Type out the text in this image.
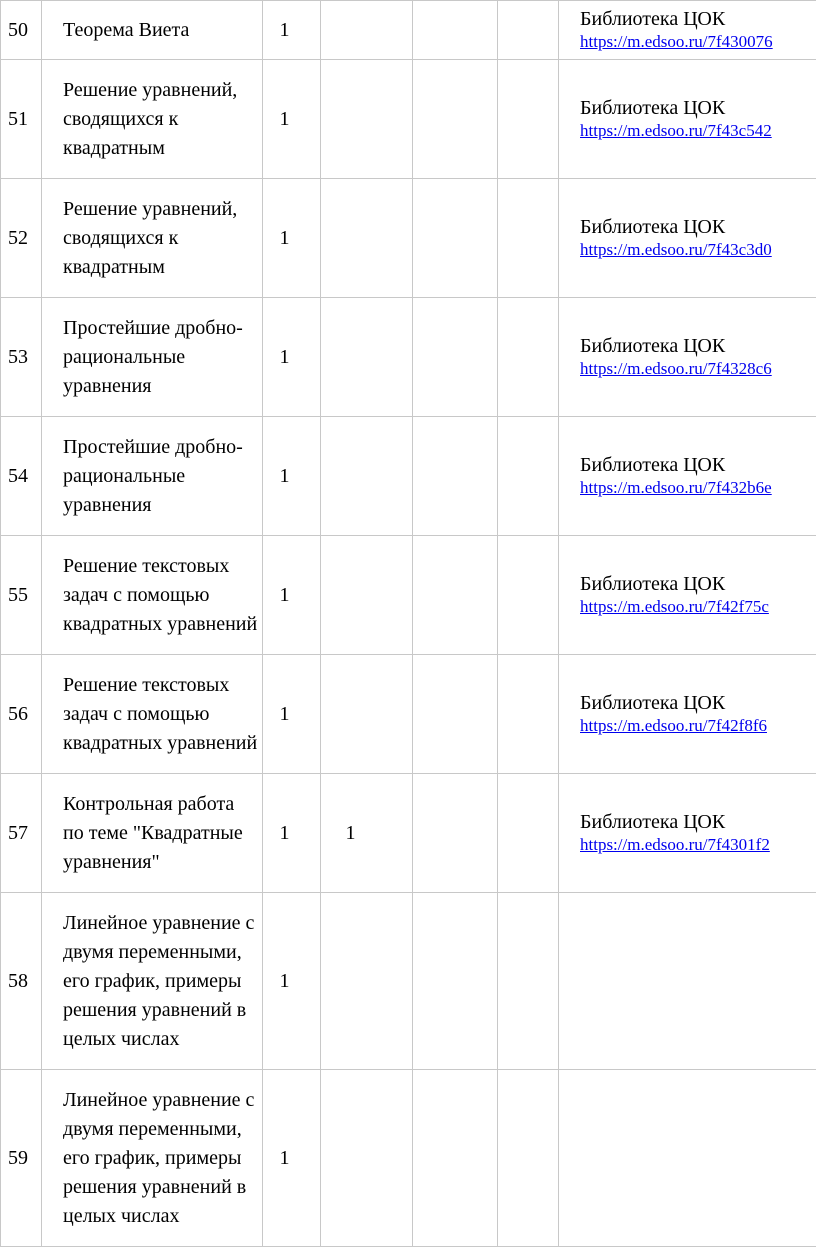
50	Теорема Виета	1				Библиотека ЦОК
https://m.edsoo.ru/7f430076

51	Решение уравнений, сводящихся к квадратным	1				Библиотека ЦОК
https://m.edsoo.ru/7f43c542

52	Решение уравнений, сводящихся к квадратным	1				Библиотека ЦОК
https://m.edsoo.ru/7f43c3d0

53	Простейшие дробно-рациональные уравнения	1				Библиотека ЦОК
https://m.edsoo.ru/7f4328c6

54	Простейшие дробно-рациональные уравнения	1				Библиотека ЦОК
https://m.edsoo.ru/7f432b6e

55	Решение текстовых задач с помощью квадратных уравнений	1				Библиотека ЦОК
https://m.edsoo.ru/7f42f75c

56	Решение текстовых задач с помощью квадратных уравнений	1				Библиотека ЦОК
https://m.edsoo.ru/7f42f8f6

57	Контрольная работа по теме "Квадратные уравнения"	1	1			Библиотека ЦОК
https://m.edsoo.ru/7f4301f2

58	Линейное уравнение с двумя переменными, его график, примеры решения уравнений в целых числах	1				

59	Линейное уравнение с двумя переменными, его график, примеры решения уравнений в целых числах	1				
